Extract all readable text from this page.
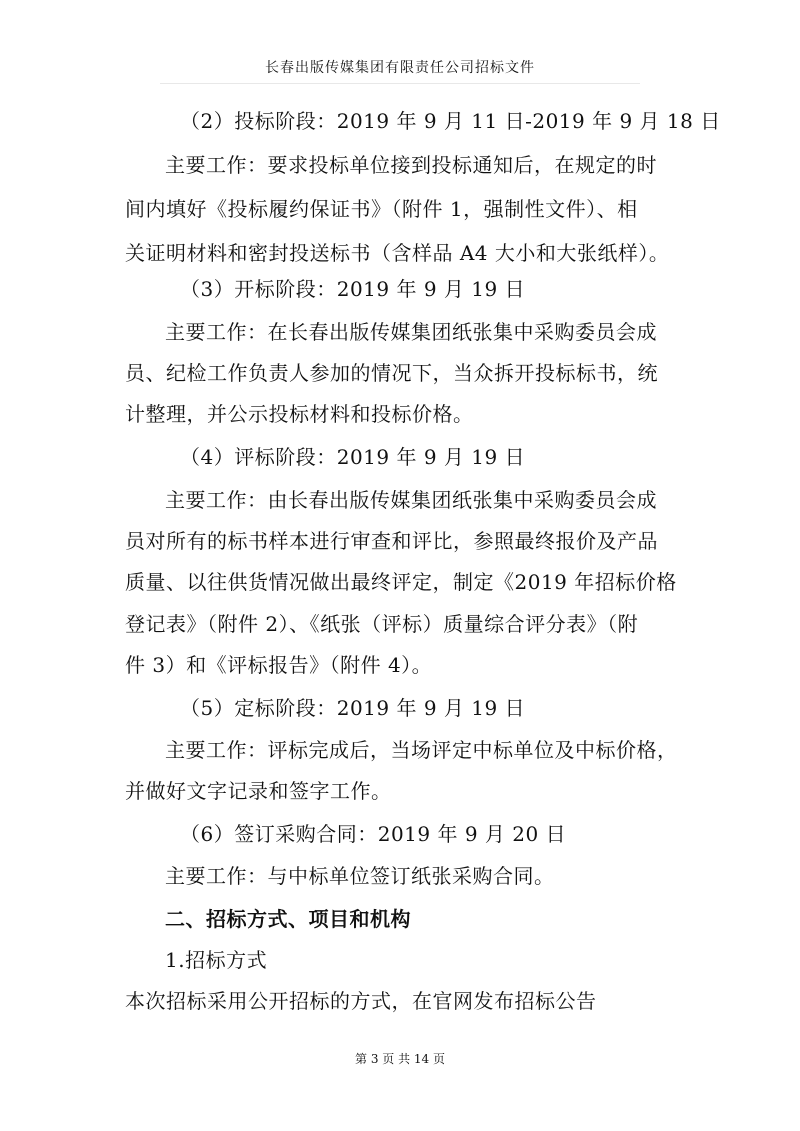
长春出版传媒集团有限责任公司招标文件
（2）投标阶段：2019 年 9 月 11 日-2019 年 9 月 18 日
主要工作：要求投标单位接到投标通知后，在规定的时
间内填好《投标履约保证书》（附件 1，强制性文件）、相
关证明材料和密封投送标书（含样品 A4 大小和大张纸样）。
（3）开标阶段：2019 年 9 月 19 日
主要工作：在长春出版传媒集团纸张集中采购委员会成
员、纪检工作负责人参加的情况下，当众拆开投标标书，统
计整理，并公示投标材料和投标价格。
（4）评标阶段：2019 年 9 月 19 日
主要工作：由长春出版传媒集团纸张集中采购委员会成
员对所有的标书样本进行审查和评比，参照最终报价及产品
质量、以往供货情况做出最终评定，制定《2019 年招标价格
登记表》（附件 2）、《纸张（评标）质量综合评分表》（附
件 3）和《评标报告》（附件 4）。
（5）定标阶段：2019 年 9 月 19 日
主要工作：评标完成后，当场评定中标单位及中标价格，
并做好文字记录和签字工作。
（6）签订采购合同：2019 年 9 月 20 日
主要工作：与中标单位签订纸张采购合同。
二、招标方式、项目和机构
1.招标方式
本次招标采用公开招标的方式，在官网发布招标公告
第 3 页 共 14 页
